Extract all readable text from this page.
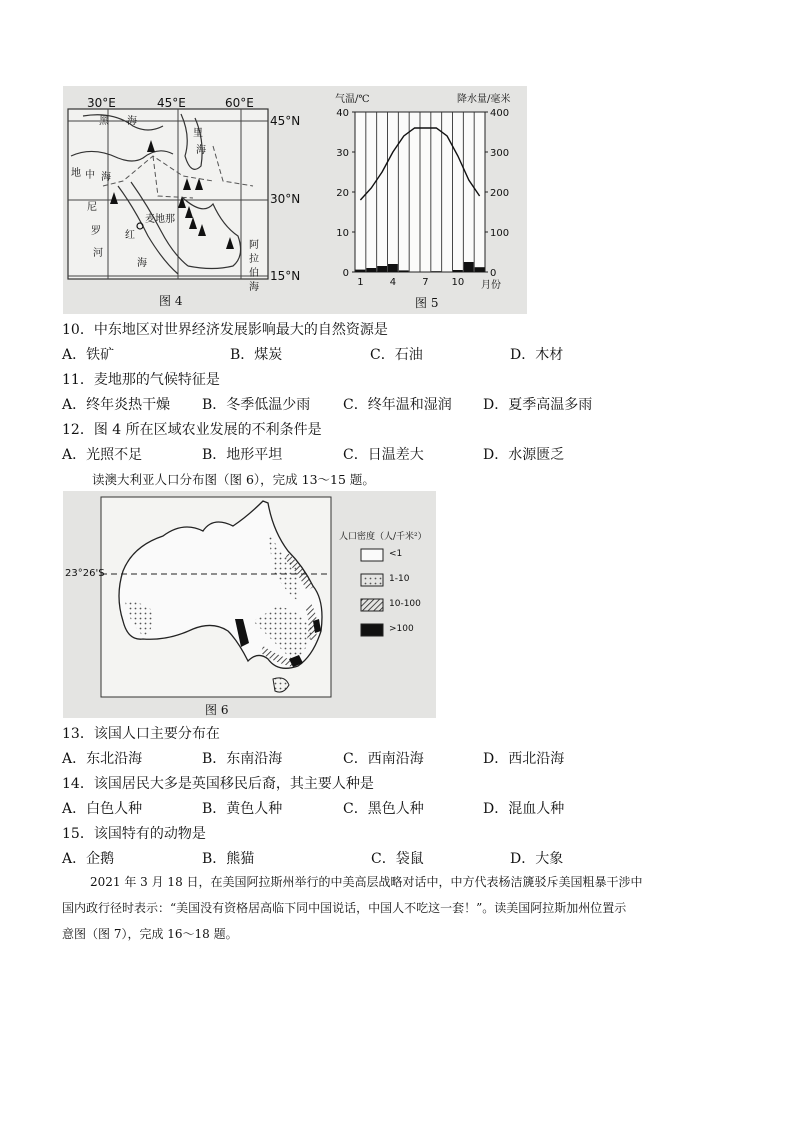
0
10
20
30
40
0
100
200
300
400
1	4	7 10
30°E	45°E	60°E
45°N
30°N
15°N
黑 海
里
海
地 中 海
尼
罗
河
麦地那
红
海
阿
拉
伯
海
图 4
气温/℃	降水量/毫米
月份
图 5
10．中东地区对世界经济发展影响最大的自然资源是
A．铁矿	B．煤炭	C．石油	D．木材
11．麦地那的气候特征是
A．终年炎热干燥 B．冬季低温少雨 C．终年温和湿润 D．夏季高温多雨
12．图 4 所在区域农业发展的不利条件是
A．光照不足	B．地形平坦	C．日温差大	D．水源匮乏
读澳大利亚人口分布图（图 6），完成 13～15 题。
23°26'S
人口密度（人/千米²）
<1
1-10
10-100
>100
图 6
13．该国人口主要分布在
A．东北沿海	B．东南沿海	C．西南沿海	D．西北沿海
14．该国居民大多是英国移民后裔，其主要人种是
A．白色人种	B．黄色人种	C．黑色人种	D．混血人种
15．该国特有的动物是
A．企鹅	B．熊猫	C．袋鼠	D．大象
2021 年 3 月 18 日，在美国阿拉斯州举行的中美高层战略对话中，中方代表杨洁篪驳斥美国粗暴干涉中
国内政行径时表示：“美国没有资格居高临下同中国说话，中国人不吃这一套！”。读美国阿拉斯加州位置示
意图（图 7），完成 16～18 题。
